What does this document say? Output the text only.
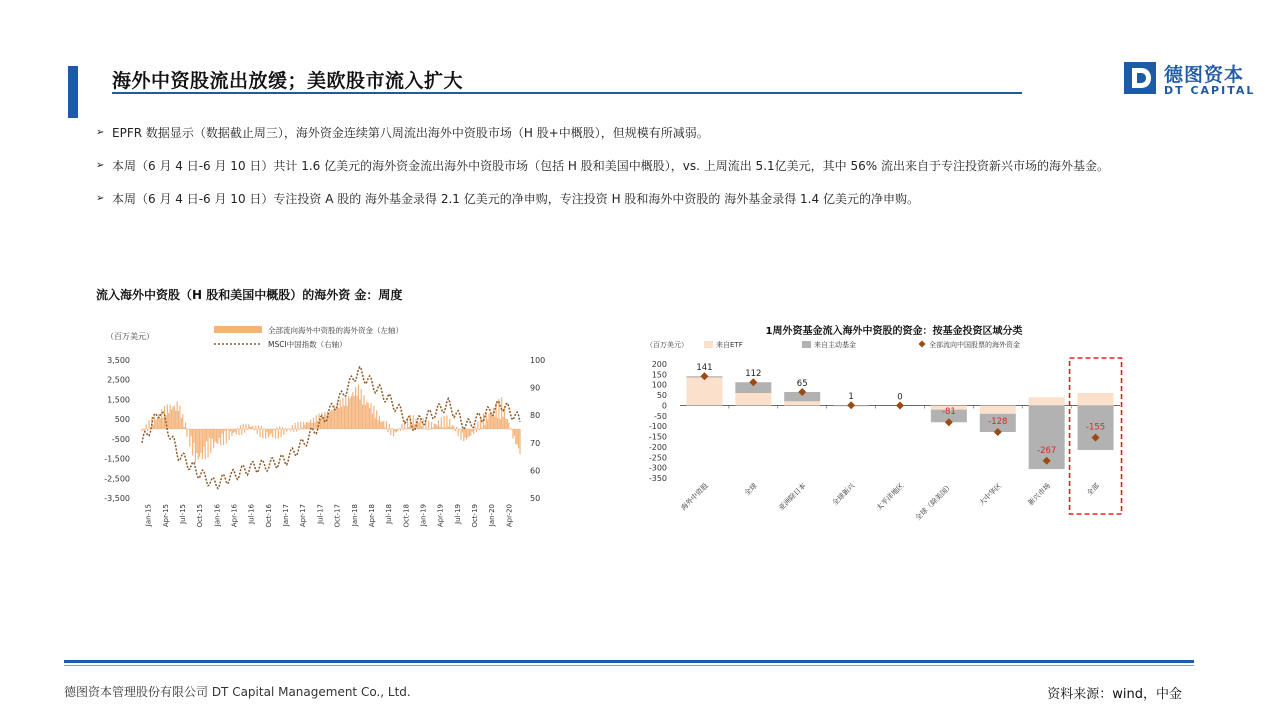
海外中资股流出放缓；美欧股市流入扩大	德图资本
DT CAPITAL
➢ EPFR 数据显示（数据截止周三），海外资金连续第八周流出海外中资股市场（H 股+中概股），但规模有所减弱。
➢ 本周（6 月 4 日-6 月 10 日）共计 1.6 亿美元的海外资金流出海外中资股市场（包括 H 股和美国中概股），vs. 上周流出 5.1亿美元，其中 56% 流出来自于专注投资新兴市场的海外基金。
➢ 本周（6 月 4 日-6 月 10 日）专注投资 A 股的 海外基金录得 2.1 亿美元的净申购，专注投资 H 股和海外中资股的 海外基金录得 1.4 亿美元的净申购。
流入海外中资股（H 股和美国中概股）的海外资 金：周度
（百万美元）
全部流向海外中资股的海外资金（左轴）
MSCI中国指数（右轴）
3,500
2,500
1,500
500
-500
-1,500
-2,500
-3,500
100
90
80
70
60
50
Jan-15 Apr-15 Jul-15 Oct-15 Jan-16 Apr-16 Jul-16 Oct-16 Jan-17 Apr-17 Jul-17 Oct-17 Jan-18 Apr-18 Jul-18 Oct-18 Jan-19 Apr-19 Jul-19 Oct-19 Jan-20 Apr-20
1周外资基金流入海外中资股的资金：按基金投资区域分类
（百万美元）	来自ETF	来自主动基金	全部流向中国股票的海外资金
200
150
100
50
0
-50
-100
-150
-200
-250
-300
-350
海外中资股	全球	亚洲除日本	全球新兴	太平洋地区 全球（除美国）	大中华区	新兴市场	全部
141
112
65
1	0
-81
-128
-267
-155
德图资本管理股份有限公司 DT Capital Management Co., Ltd.	资料来源：wind，中金
